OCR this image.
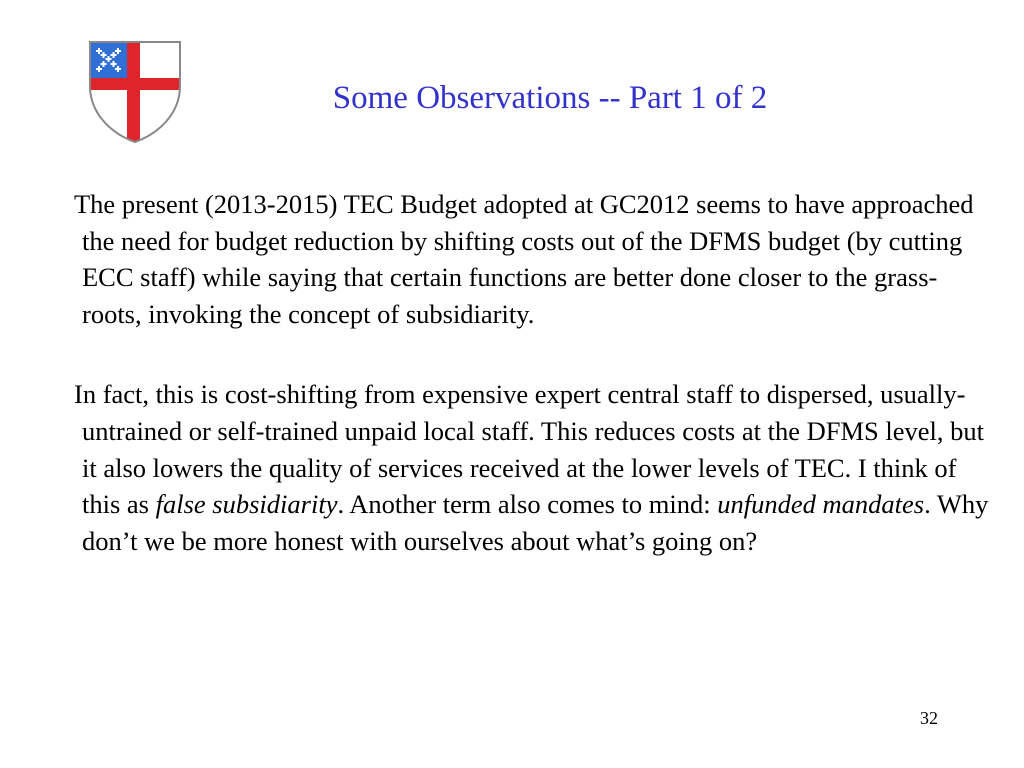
Some Observations -- Part 1 of 2

The present (2013-2015) TEC Budget adopted at GC2012 seems to have approached the need for budget reduction by shifting costs out of the DFMS budget (by cutting ECC staff) while saying that certain functions are better done closer to the grass-roots, invoking the concept of subsidiarity.

In fact, this is cost-shifting from expensive expert central staff to dispersed, usually-untrained or self-trained unpaid local staff. This reduces costs at the DFMS level, but it also lowers the quality of services received at the lower levels of TEC. I think of this as false subsidiarity. Another term also comes to mind: unfunded mandates. Why don’t we be more honest with ourselves about what’s going on?

32
